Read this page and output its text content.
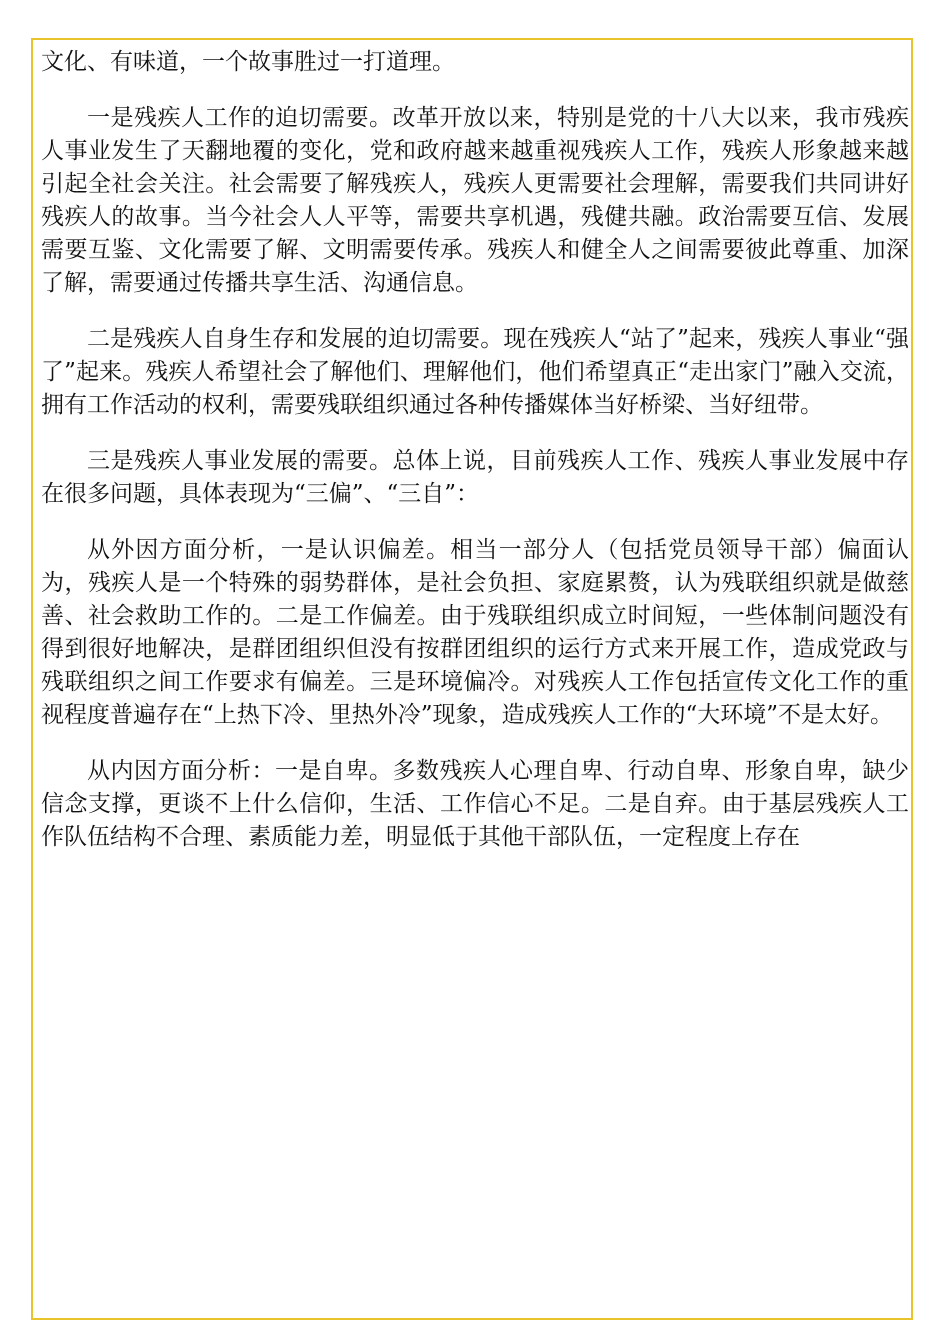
文化、有味道，一个故事胜过一打道理。

一是残疾人工作的迫切需要。改革开放以来，特别是党的十八大以来，我市残疾人事业发生了天翻地覆的变化，党和政府越来越重视残疾人工作，残疾人形象越来越引起全社会关注。社会需要了解残疾人，残疾人更需要社会理解，需要我们共同讲好残疾人的故事。当今社会人人平等，需要共享机遇，残健共融。政治需要互信、发展需要互鉴、文化需要了解、文明需要传承。残疾人和健全人之间需要彼此尊重、加深了解，需要通过传播共享生活、沟通信息。

二是残疾人自身生存和发展的迫切需要。现在残疾人“站了”起来，残疾人事业“强了”起来。残疾人希望社会了解他们、理解他们，他们希望真正“走出家门”融入交流，拥有工作活动的权利，需要残联组织通过各种传播媒体当好桥梁、当好纽带。

三是残疾人事业发展的需要。总体上说，目前残疾人工作、残疾人事业发展中存在很多问题，具体表现为“三偏”、“三自”：

从外因方面分析，一是认识偏差。相当一部分人（包括党员领导干部）偏面认为，残疾人是一个特殊的弱势群体，是社会负担、家庭累赘，认为残联组织就是做慈善、社会救助工作的。二是工作偏差。由于残联组织成立时间短，一些体制问题没有得到很好地解决，是群团组织但没有按群团组织的运行方式来开展工作，造成党政与残联组织之间工作要求有偏差。三是环境偏冷。对残疾人工作包括宣传文化工作的重视程度普遍存在“上热下冷、里热外冷”现象，造成残疾人工作的“大环境”不是太好。

从内因方面分析：一是自卑。多数残疾人心理自卑、行动自卑、形象自卑，缺少信念支撑，更谈不上什么信仰，生活、工作信心不足。二是自弃。由于基层残疾人工作队伍结构不合理、素质能力差，明显低于其他干部队伍，一定程度上存在
